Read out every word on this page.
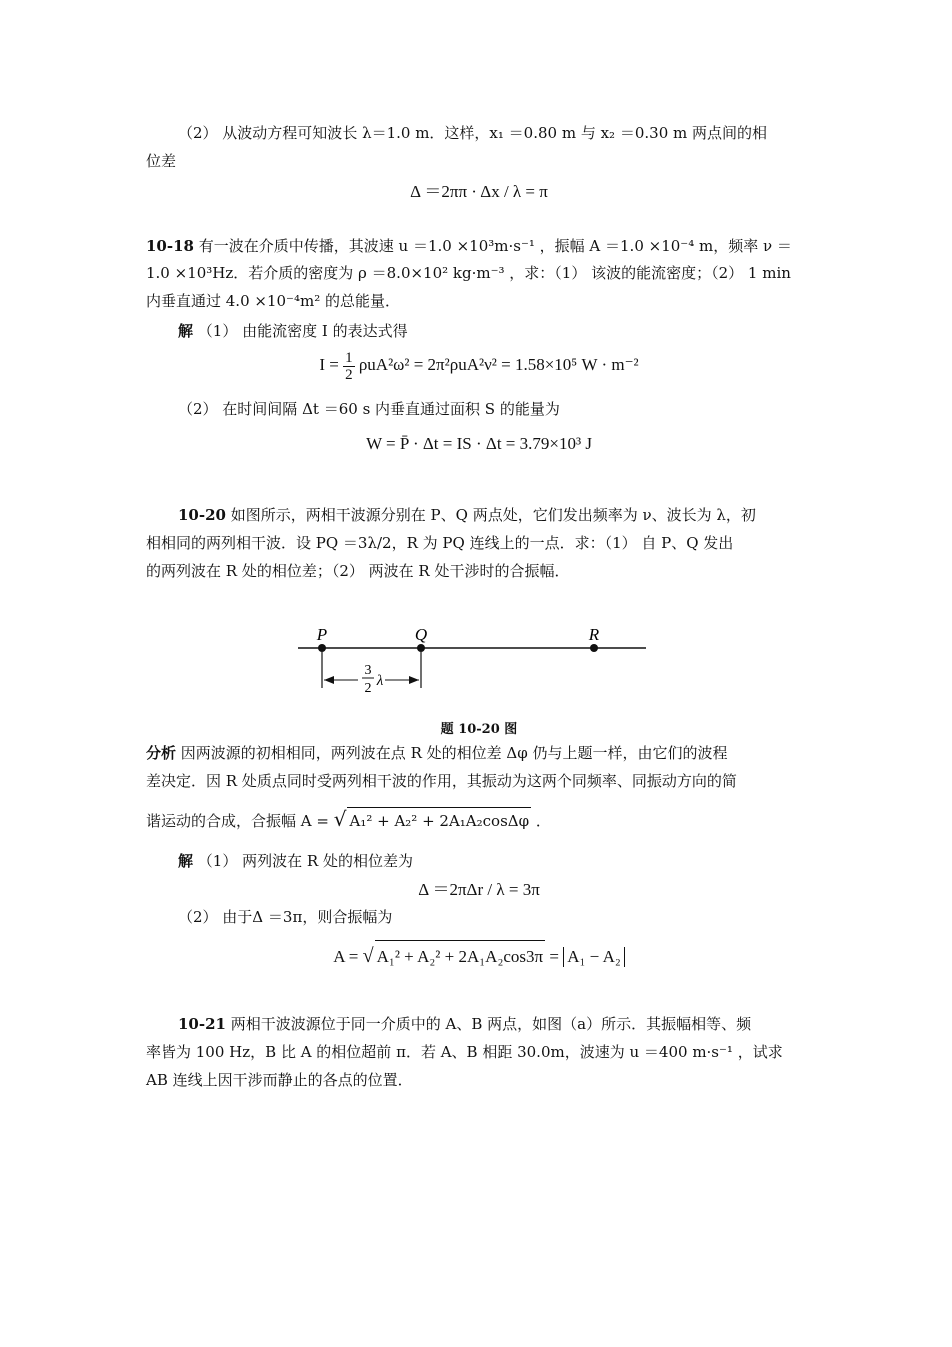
（2） 从波动方程可知波长 λ＝1.0 m．这样，x₁ ＝0.80 m 与 x₂ ＝0.30 m 两点间的相
位差
Δ ＝2ππ · Δx / λ = π
10-18 有一波在介质中传播，其波速 u ＝1.0 ×10³m·s⁻¹ ，振幅 A ＝1.0 ×10⁻⁴ m，频率 ν ＝
1.0 ×10³Hz．若介质的密度为 ρ ＝8.0×10² kg·m⁻³ ，求：（1） 该波的能流密度；（2） 1 min
内垂直通过 4.0 ×10⁻⁴m² 的总能量．
解 （1） 由能流密度 I 的表达式得
$I = \frac{1}{2} \rho uA^2\omega^2 = 2\pi^2\rho uA^2\nu^2 = 1.58\times 10^5$ W · m⁻²
（2） 在时间间隔 Δt ＝60 s 内垂直通过面积 S 的能量为
W = P̄ · Δt = IS · Δt = 3.79×10³ J
10-20 如图所示，两相干波源分别在 P、Q 两点处，它们发出频率为 ν、波长为 λ，初
相相同的两列相干波．设 PQ ＝3λ/2，R 为 PQ 连线上的一点．求：（1） 自 P、Q 发出
的两列波在 R 处的相位差；（2） 两波在 R 处干涉时的合振幅．
P	Q	R
3
2 λ
题 10-20 图
分析 因两波源的初相相同，两列波在点 R 处的相位差 Δφ 仍与上题一样，由它们的波程
差决定．因 R 处质点同时受两列相干波的作用，其振动为这两个同频率、同振动方向的简
谐运动的合成，合振幅 A = √ A₁² + A₂² + 2A₁A₂cosΔφ ．
解 （1） 两列波在 R 处的相位差为
Δ ＝2πΔr / λ = 3π
（2） 由于Δ ＝3π，则合振幅为
A = √ A₁² + A₂² + 2A₁A₂cos3π = A₁ − A₂
10-21 两相干波波源位于同一介质中的 A、B 两点，如图（a）所示．其振幅相等、频
率皆为 100 Hz，B 比 A 的相位超前 π．若 A、B 相距 30.0m，波速为 u ＝400 m·s⁻¹ ，试求
AB 连线上因干涉而静止的各点的位置．
